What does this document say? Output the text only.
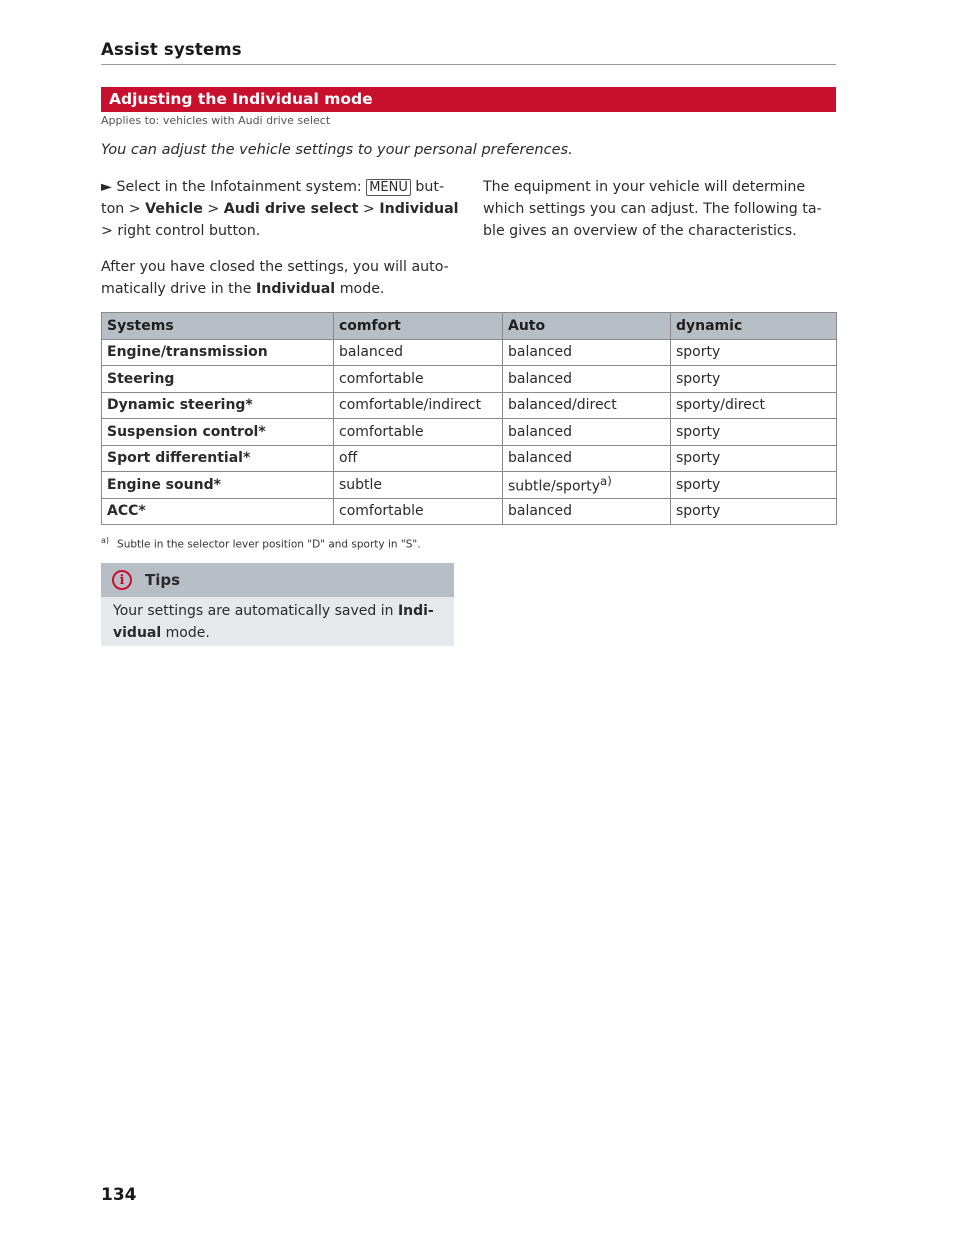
Assist systems
Adjusting the Individual mode
Applies to: vehicles with Audi drive select
You can adjust the vehicle settings to your personal preferences.

► Select in the Infotainment system: MENU but-ton > Vehicle > Audi drive select > Individual > right control button.

After you have closed the settings, you will auto-matically drive in the Individual mode.

The equipment in your vehicle will determine which settings you can adjust. The following ta-ble gives an overview of the characteristics.

Systems	comfort	Auto	dynamic
Engine/transmission	balanced	balanced	sporty
Steering	comfortable	balanced	sporty
Dynamic steering*	comfortable/indirect	balanced/direct	sporty/direct
Suspension control*	comfortable	balanced	sporty
Sport differential*	off	balanced	sporty
Engine sound*	subtle	subtle/sporty$^{a)}$	sporty
ACC*	comfortable	balanced	sporty
$^{a)}$ Subtle in the selector lever position "D" and sporty in "S".
i	Tips
Your settings are automatically saved in Indi-vidual mode.
134
